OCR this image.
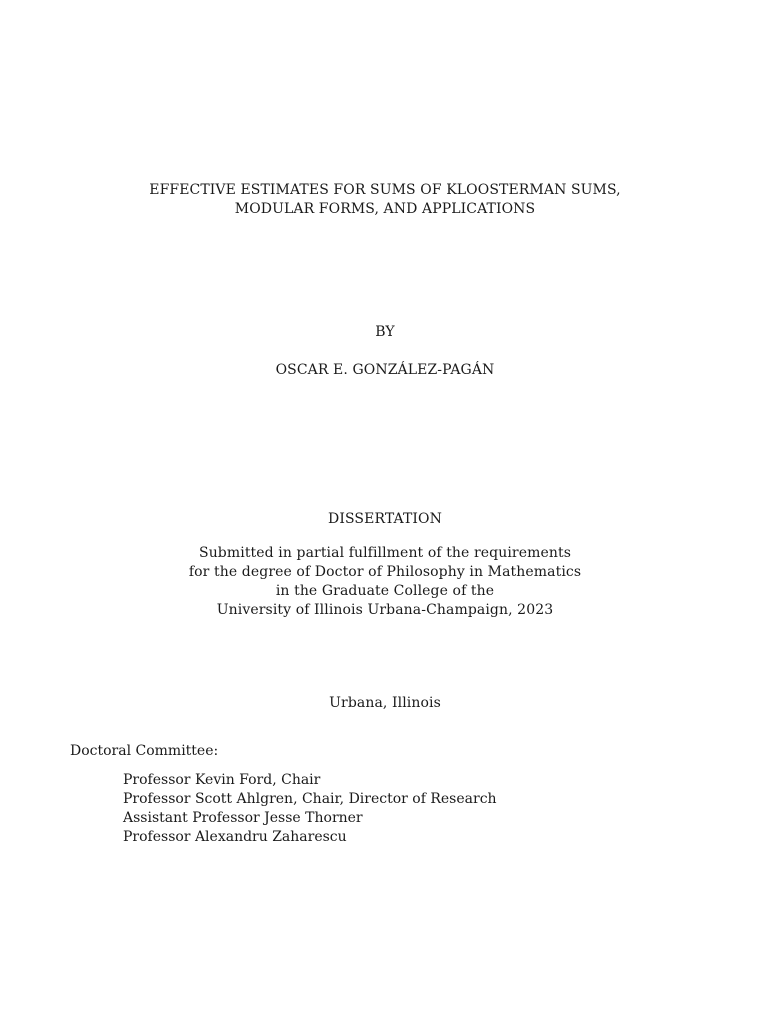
EFFECTIVE ESTIMATES FOR SUMS OF KLOOSTERMAN SUMS,
MODULAR FORMS, AND APPLICATIONS
BY
OSCAR E. GONZÁLEZ-PAGÁN
DISSERTATION
Submitted in partial fulfillment of the requirements
for the degree of Doctor of Philosophy in Mathematics
in the Graduate College of the
University of Illinois Urbana-Champaign, 2023
Urbana, Illinois
Doctoral Committee:
Professor Kevin Ford, Chair
Professor Scott Ahlgren, Chair, Director of Research
Assistant Professor Jesse Thorner
Professor Alexandru Zaharescu
